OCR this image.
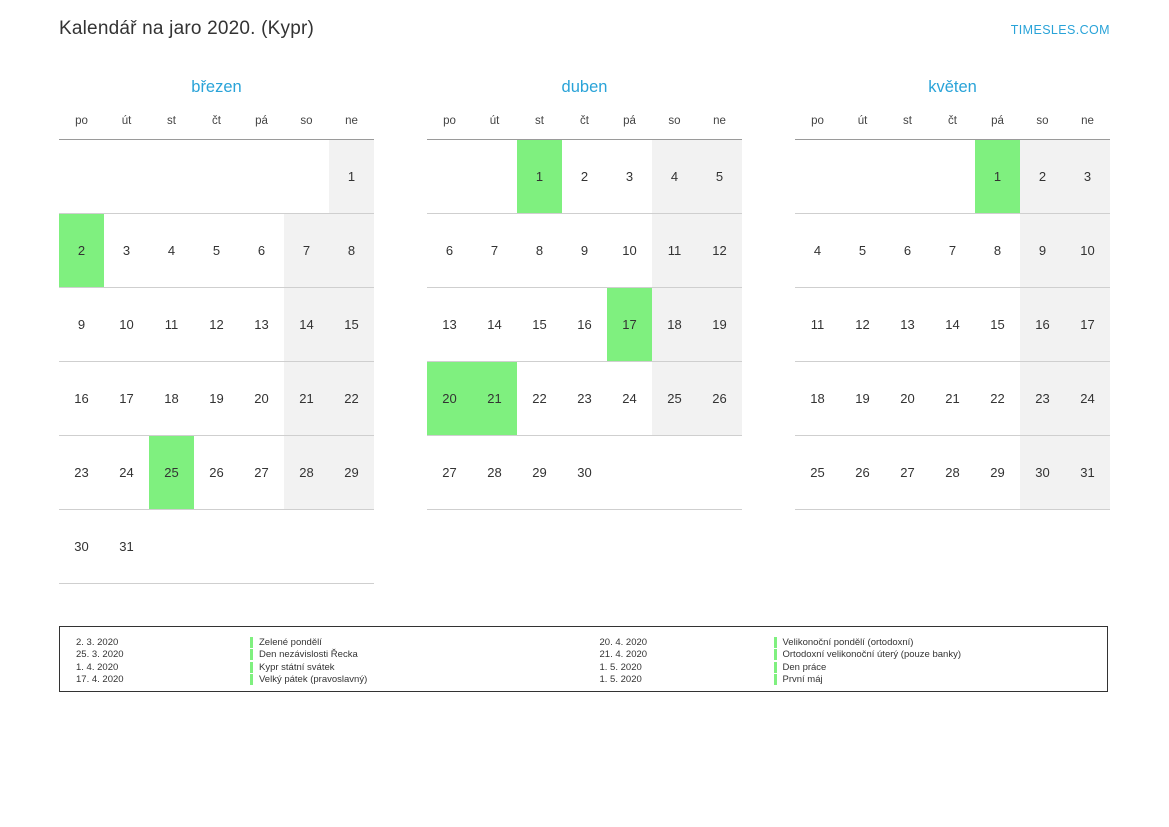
Kalendář na jaro 2020. (Kypr)	TIMESLES.COM
březen
po	út	st	čt	pá	so	ne
						1
2	3	4	5	6	7	8
9	10	11	12	13	14	15
16	17	18	19	20	21	22
23	24	25	26	27	28	29
30	31					
duben
po	út	st	čt	pá	so	ne
		1	2	3	4	5
6	7	8	9	10	11	12
13	14	15	16	17	18	19
20	21	22	23	24	25	26
27	28	29	30			
květen
po	út	st	čt	pá	so	ne
				1	2	3
4	5	6	7	8	9	10
11	12	13	14	15	16	17
18	19	20	21	22	23	24
25	26	27	28	29	30	31
2. 3. 2020	Zelené pondělí
25. 3. 2020	Den nezávislosti Řecka
1. 4. 2020	Kypr státní svátek
17. 4. 2020	Velký pátek (pravoslavný)
20. 4. 2020	Velikonoční pondělí (ortodoxní)
21. 4. 2020	Ortodoxní velikonoční úterý (pouze banky)
1. 5. 2020	Den práce
1. 5. 2020	První máj
